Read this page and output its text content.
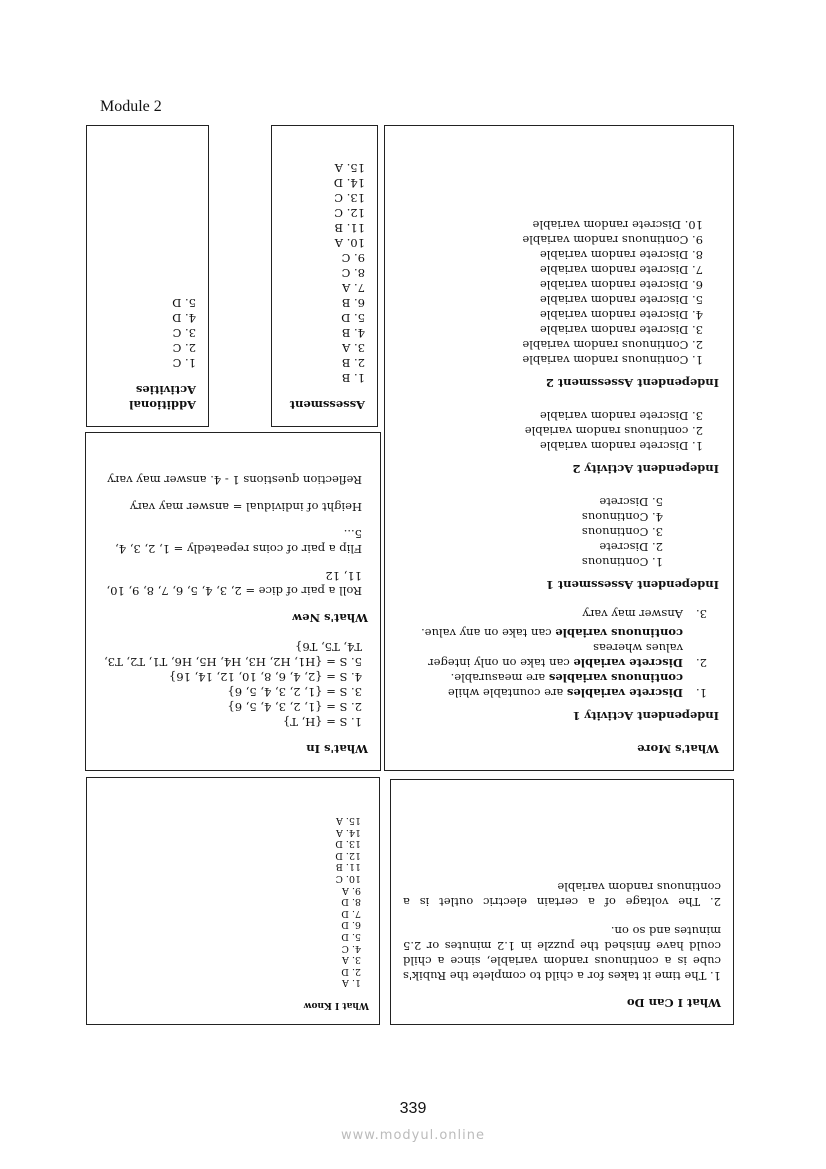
Module 2
Additional Activities
1. C
2. C
3. C
4. D
5. D
Assessment
1. B
2. B
3. A
4. B
5. D
6. B
7. A
8. C
9. C
10. A
11. B
12. C
13. C
14. D
15. A
What's More
Independent Activity 1
1.
Discrete variables are countable while
continuous variables are measurable.
2.
Discrete variable can take on only integer values whereas
continuous variable can take on any value.
3.
Answer may vary
Independent Assessment 1
1. Continuous
2. Discrete
3. Continuous
4. Continuous
5. Discrete
Independent Activity 2
1. Discrete random variable
2. continuous random variable
3. Discrete random variable
Independent Assessment 2
1. Continuous random variable
2. Continuous random variable
3. Discrete random variable
4. Discrete random variable
5. Discrete random variable
6. Discrete random variable
7. Discrete random variable
8. Discrete random variable
9. Continuous random variable
10. Discrete random variable
What's In
1. S = {H, T}
2. S = {1, 2, 3, 4, 5, 6}
3. S = {1, 2, 3, 4, 5, 6}
4. S = {2, 4, 6, 8, 10, 12, 14, 16}
5. S = {H1, H2, H3, H4, H5, H6, T1, T2, T3, T4, T5, T6}
What's New
Roll a pair of dice = 2, 3, 4, 5, 6, 7, 8, 9, 10, 11, 12
Flip a pair of coins repeatedly = 1, 2, 3, 4, 5...
Height of individual = answer may vary
Reflection questions 1 - 4. answer may vary
What I Know
1. A
2. D
3. A
4. C
5. D
6. D
7. D
8. D
9. A
10. C
11. B
12. D
13. D
14. A
15. A
What I Can Do
1. The time it takes for a child to complete the Rubik's cube is a continuous random variable, since a child could have finished the puzzle in 1.2 minutes or 2.5 minutes and so on.
2. The voltage of a certain electric outlet is a continuous random variable
339
www.modyul.online
